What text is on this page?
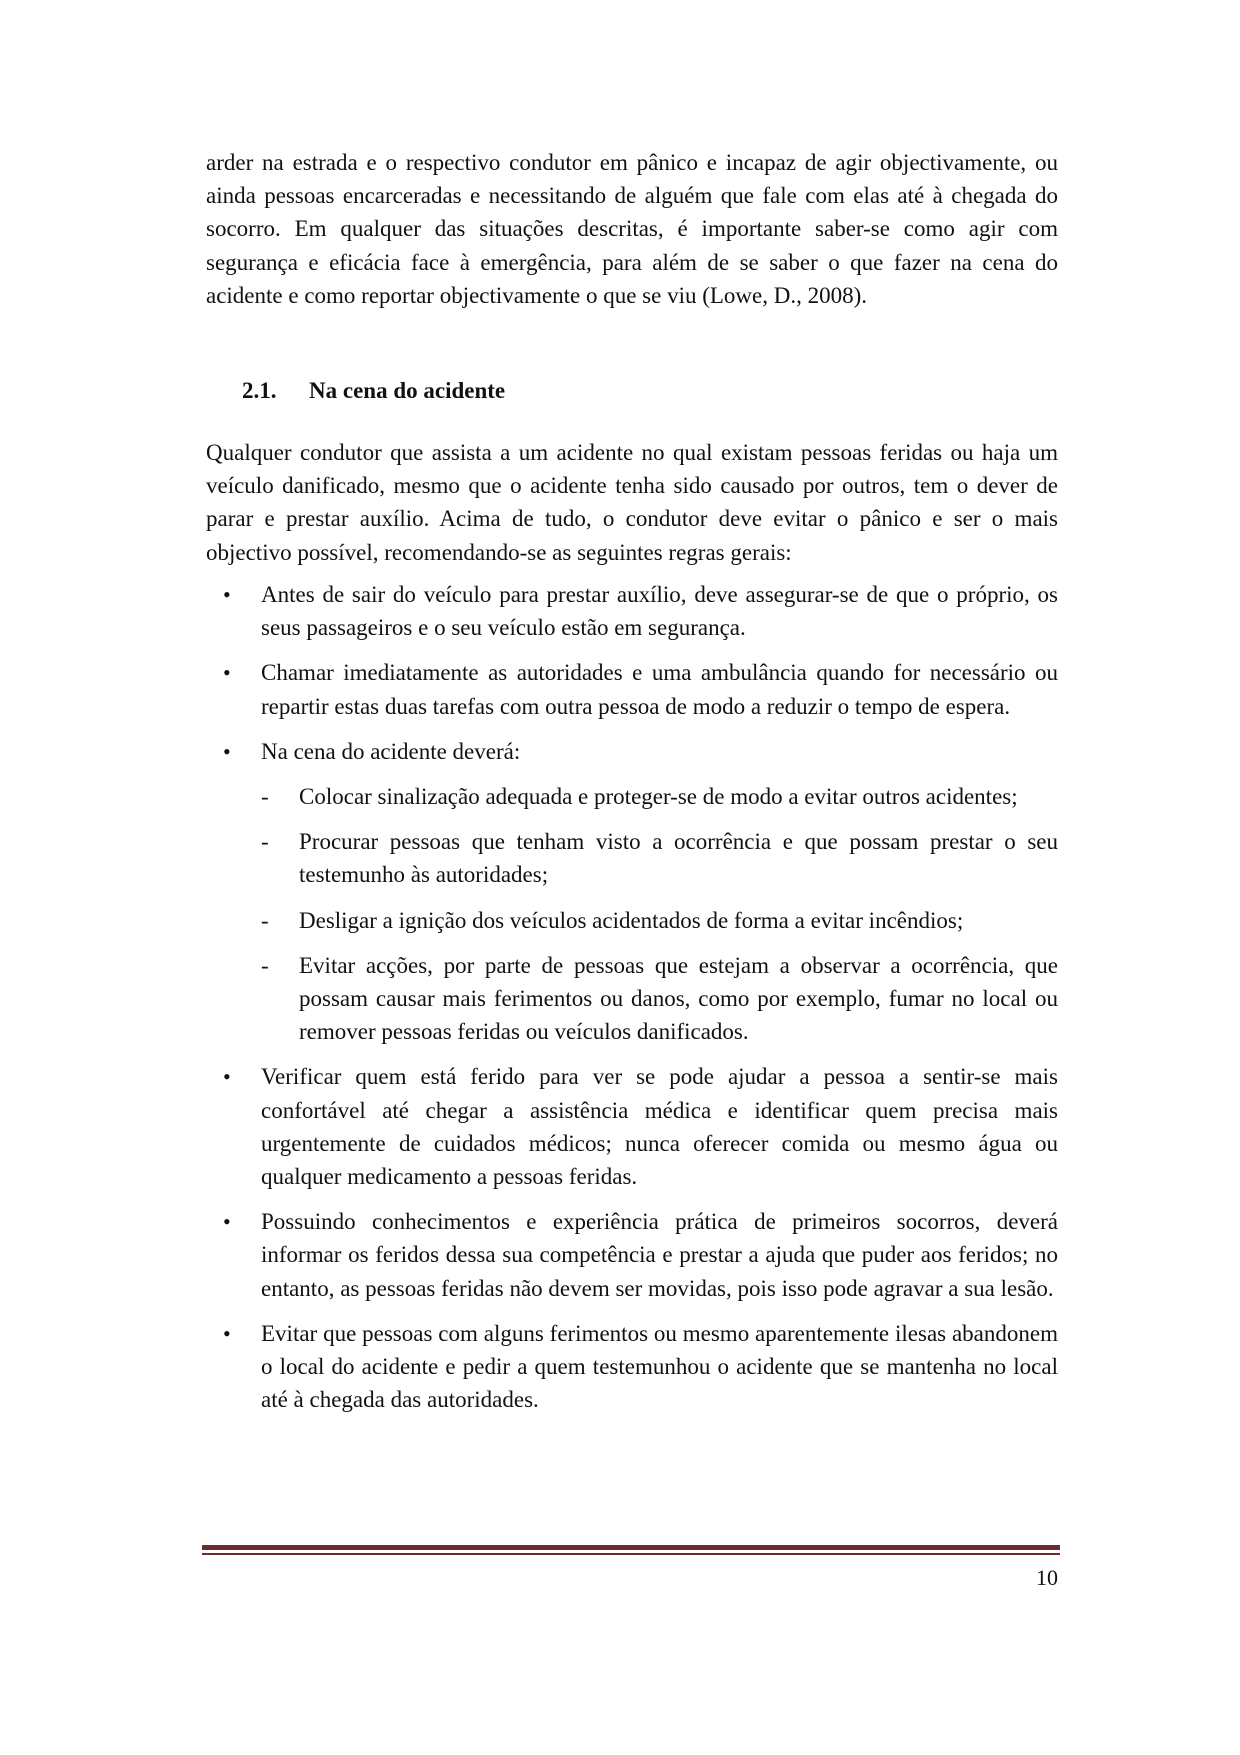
arder na estrada e o respectivo condutor em pânico e incapaz de agir objectivamente, ou ainda pessoas encarceradas e necessitando de alguém que fale com elas até à chegada do socorro. Em qualquer das situações descritas, é importante saber-se como agir com segurança e eficácia face à emergência, para além de se saber o que fazer na cena do acidente e como reportar objectivamente o que se viu (Lowe, D., 2008).

2.1. Na cena do acidente

Qualquer condutor que assista a um acidente no qual existam pessoas feridas ou haja um veículo danificado, mesmo que o acidente tenha sido causado por outros, tem o dever de parar e prestar auxílio. Acima de tudo, o condutor deve evitar o pânico e ser o mais objectivo possível, recomendando-se as seguintes regras gerais:

• Antes de sair do veículo para prestar auxílio, deve assegurar-se de que o próprio, os seus passageiros e o seu veículo estão em segurança.
• Chamar imediatamente as autoridades e uma ambulância quando for necessário ou repartir estas duas tarefas com outra pessoa de modo a reduzir o tempo de espera.
• Na cena do acidente deverá:
- Colocar sinalização adequada e proteger-se de modo a evitar outros acidentes;
- Procurar pessoas que tenham visto a ocorrência e que possam prestar o seu testemunho às autoridades;
- Desligar a ignição dos veículos acidentados de forma a evitar incêndios;
- Evitar acções, por parte de pessoas que estejam a observar a ocorrência, que possam causar mais ferimentos ou danos, como por exemplo, fumar no local ou remover pessoas feridas ou veículos danificados.
• Verificar quem está ferido para ver se pode ajudar a pessoa a sentir-se mais confortável até chegar a assistência médica e identificar quem precisa mais urgentemente de cuidados médicos; nunca oferecer comida ou mesmo água ou qualquer medicamento a pessoas feridas.
• Possuindo conhecimentos e experiência prática de primeiros socorros, deverá informar os feridos dessa sua competência e prestar a ajuda que puder aos feridos; no entanto, as pessoas feridas não devem ser movidas, pois isso pode agravar a sua lesão.
• Evitar que pessoas com alguns ferimentos ou mesmo aparentemente ilesas abandonem o local do acidente e pedir a quem testemunhou o acidente que se mantenha no local até à chegada das autoridades.
10
